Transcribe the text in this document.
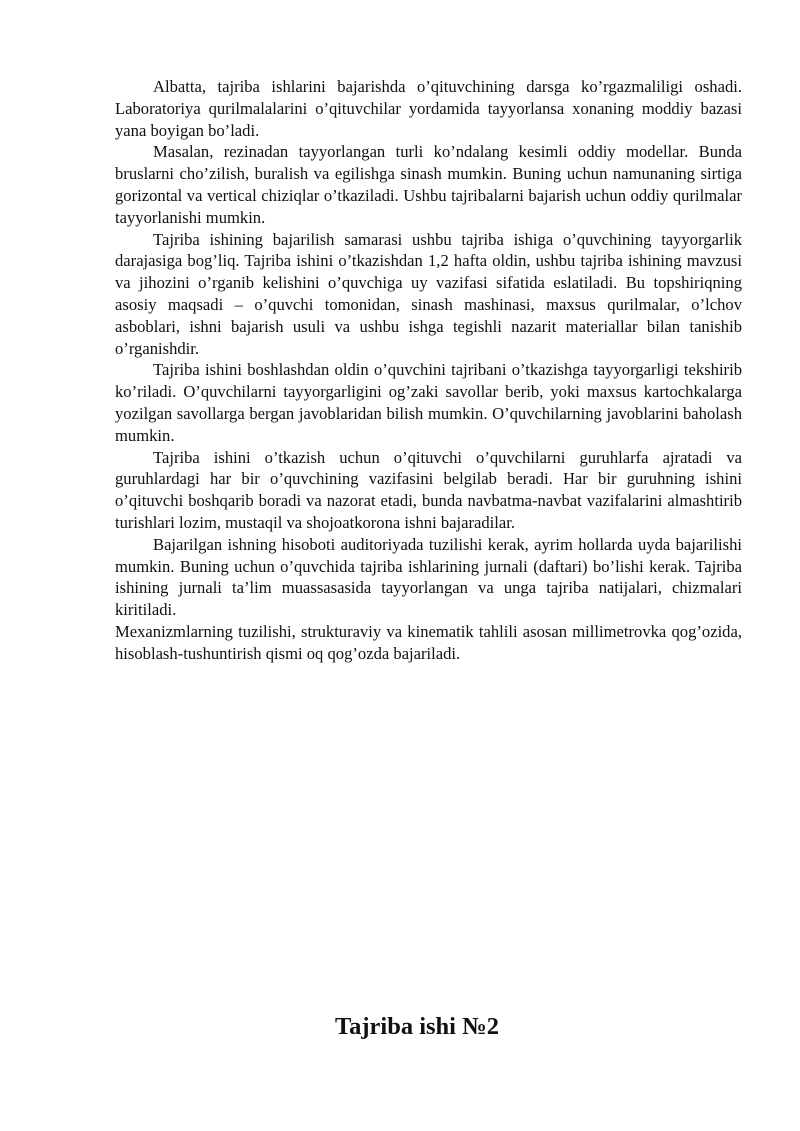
Albatta, tajriba ishlarini bajarishda o’qituvchining darsga ko’rgazmaliligi oshadi. Laboratoriya qurilmalalarini o’qituvchilar yordamida tayyorlansa xonaning moddiy bazasi yana boyigan bo’ladi.

Masalan, rezinadan tayyorlangan turli ko’ndalang kesimli oddiy modellar. Bunda bruslarni cho’zilish, buralish va egilishga sinash mumkin. Buning uchun namunaning sirtiga gorizontal va vertical chiziqlar o’tkaziladi. Ushbu tajribalarni bajarish uchun oddiy qurilmalar tayyorlanishi mumkin.

Tajriba ishining bajarilish samarasi ushbu tajriba ishiga o’quvchining tayyorgarlik darajasiga bog’liq. Tajriba ishini o’tkazishdan 1,2 hafta oldin, ushbu tajriba ishining mavzusi va jihozini o’rganib kelishini o’quvchiga uy vazifasi sifatida eslatiladi. Bu topshiriqning asosiy maqsadi – o’quvchi tomonidan, sinash mashinasi, maxsus qurilmalar, o’lchov asboblari, ishni bajarish usuli va ushbu ishga tegishli nazarit materiallar bilan tanishib o’rganishdir.

Tajriba ishini boshlashdan oldin o’quvchini tajribani o’tkazishga tayyorgarligi tekshirib ko’riladi. O’quvchilarni tayyorgarligini og’zaki savollar berib, yoki maxsus kartochkalarga yozilgan savollarga bergan javoblaridan bilish mumkin. O’quvchilarning javoblarini baholash mumkin.

Tajriba ishini o’tkazish uchun o’qituvchi o’quvchilarni guruhlarfa ajratadi va guruhlardagi har bir o’quvchining vazifasini belgilab beradi. Har bir guruhning ishini o’qituvchi boshqarib boradi va nazorat etadi, bunda navbatma-navbat vazifalarini almashtirib turishlari lozim, mustaqil va shojoatkorona ishni bajaradilar.

Bajarilgan ishning hisoboti auditoriyada tuzilishi kerak, ayrim hollarda uyda bajarilishi mumkin. Buning uchun o’quvchida tajriba ishlarining jurnali (daftari) bo’lishi kerak. Tajriba ishining jurnali ta’lim muassasasida tayyorlangan va unga tajriba natijalari, chizmalari kiritiladi.

Mexanizmlarning tuzilishi, strukturaviy va kinematik tahlili asosan millimetrovka qog’ozida, hisoblash-tushuntirish qismi oq qog’ozda bajariladi.

Tajriba ishi №2
